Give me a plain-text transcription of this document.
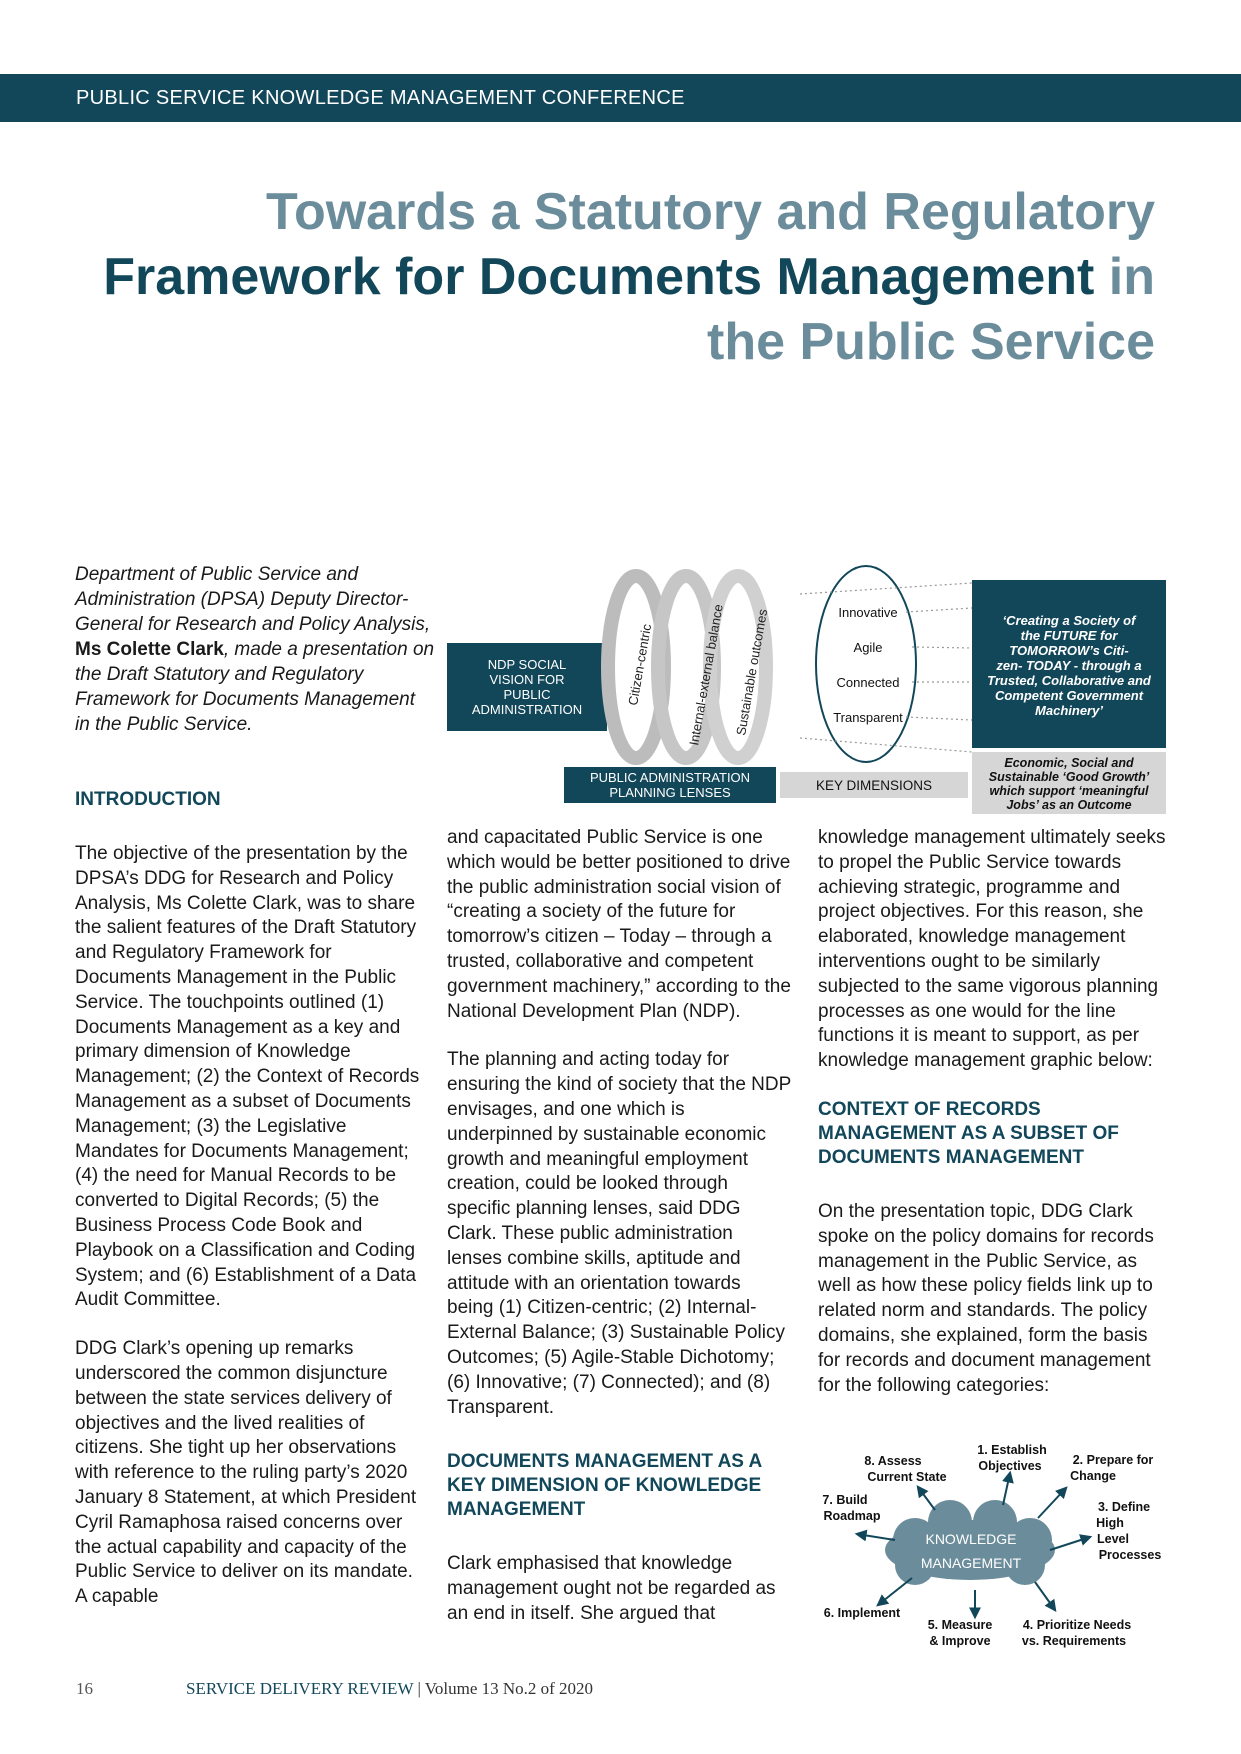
PUBLIC SERVICE KNOWLEDGE MANAGEMENT CONFERENCE
Towards a Statutory and Regulatory
Framework for Documents Management in
the Public Service
Department of Public Service and Administration (DPSA) Deputy Director-General for Research and Policy Analysis, Ms Colette Clark, made a presentation on the Draft Statutory and Regulatory Framework for Documents Management in the Public Service.
NDP SOCIAL
VISION FOR
PUBLIC
ADMINISTRATION
Citizen-centric Internal-external balance Sustainable outcomes	Innovative
Agile
Connected
Transparent
‘Creating a Society of
the FUTURE for
TOMORROW’s Citi-
zen- TODAY - through a
Trusted, Collaborative and
Competent Government
Machinery’
Economic, Social and
Sustainable ‘Good Growth’
which support ‘meaningful
Jobs’ as an Outcome
PUBLIC ADMINISTRATION
PLANNING LENSES	KEY DIMENSIONS

INTRODUCTION

The objective of the presentation by the DPSA’s DDG for Research and Policy Analysis, Ms Colette Clark, was to share the salient features of the Draft Statutory and Regulatory Framework for Documents Management in the Public Service. The touchpoints outlined (1) Documents Management as a key and primary dimension of Knowledge Management; (2) the Context of Records Management as a subset of Documents Management; (3) the Legislative Mandates for Documents Management; (4) the need for Manual Records to be converted to Digital Records; (5) the Business Process Code Book and Playbook on a Classification and Coding System; and (6) Establishment of a Data Audit Committee.

DDG Clark’s opening up remarks underscored the common disjuncture between the state services delivery of objectives and the lived realities of citizens. She tight up her observations with reference to the ruling party’s 2020 January 8 Statement, at which President Cyril Ramaphosa raised concerns over the actual capability and capacity of the Public Service to deliver on its mandate. A capable

and capacitated Public Service is one which would be better positioned to drive the public administration social vision of “creating a society of the future for tomorrow’s citizen – Today – through a trusted, collaborative and competent government machinery,” according to the National Development Plan (NDP).

The planning and acting today for ensuring the kind of society that the NDP envisages, and one which is underpinned by sustainable economic growth and meaningful employment creation, could be looked through specific planning lenses, said DDG Clark. These public administration lenses combine skills, aptitude and attitude with an orientation towards being (1) Citizen-centric; (2) Internal-External Balance; (3) Sustainable Policy Outcomes; (5) Agile-Stable Dichotomy; (6) Innovative; (7) Connected); and (8) Transparent.

DOCUMENTS MANAGEMENT AS A KEY DIMENSION OF KNOWLEDGE MANAGEMENT

Clark emphasised that knowledge management ought not be regarded as an end in itself. She argued that

knowledge management ultimately seeks to propel the Public Service towards achieving strategic, programme and project objectives. For this reason, she elaborated, knowledge management interventions ought to be similarly subjected to the same vigorous planning processes as one would for the line functions it is meant to support, as per knowledge management graphic below:

CONTEXT OF RECORDS MANAGEMENT AS A SUBSET OF DOCUMENTS MANAGEMENT

On the presentation topic, DDG Clark spoke on the policy domains for records management in the Public Service, as well as how these policy fields link up to related norm and standards. The policy domains, she explained, form the basis for records and document management for the following categories:

KNOWLEDGE
MANAGEMENT
1. Establish
Objectives 2. Prepare for
Change
3. Define
High
Level
Processes
4. Prioritize Needs
vs. Requirements
5. Measure
& Improve
6. Implement
7. Build
Roadmap
8. Assess
Current State
16	SERVICE DELIVERY REVIEW | Volume 13 No.2 of 2020
